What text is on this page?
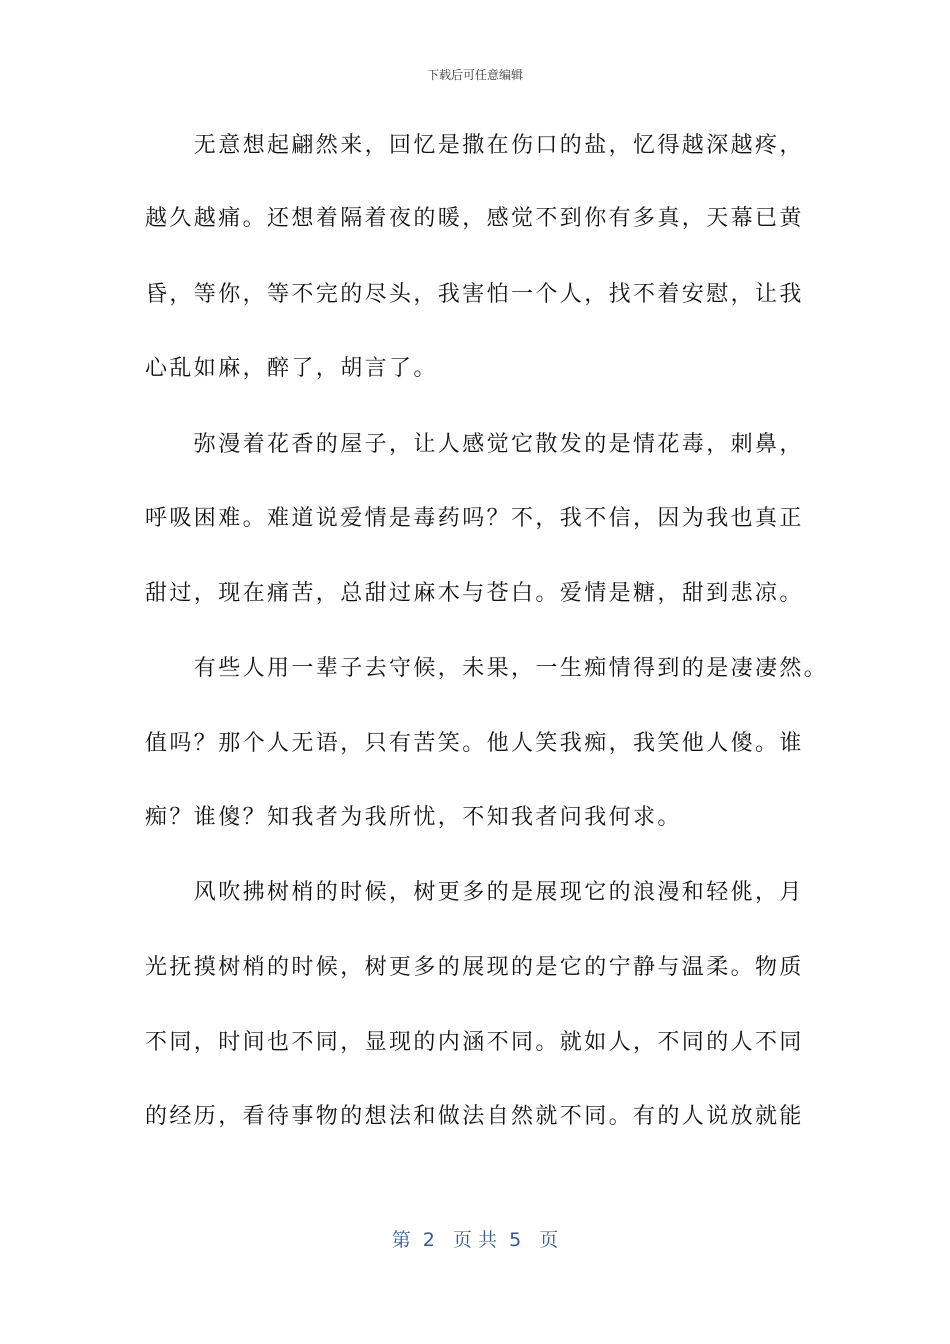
下载后可任意编辑
　　无意想起翩然来，回忆是撒在伤口的盐，忆得越深越疼，
越久越痛。还想着隔着夜的暖，感觉不到你有多真，天幕已黄
昏，等你，等不完的尽头，我害怕一个人，找不着安慰，让我
心乱如麻，醉了，胡言了。
　　弥漫着花香的屋子，让人感觉它散发的是情花毒，刺鼻，
呼吸困难。难道说爱情是毒药吗？不，我不信，因为我也真正
甜过，现在痛苦，总甜过麻木与苍白。爱情是糖，甜到悲凉。
　　有些人用一辈子去守候，未果，一生痴情得到的是凄凄然。
值吗？那个人无语，只有苦笑。他人笑我痴，我笑他人傻。谁
痴？谁傻？知我者为我所忧，不知我者问我何求。
　　风吹拂树梢的时候，树更多的是展现它的浪漫和轻佻，月
光抚摸树梢的时候，树更多的展现的是它的宁静与温柔。物质
不同，时间也不同，显现的内涵不同。就如人，不同的人不同
的经历，看待事物的想法和做法自然就不同。有的人说放就能
第  2   页 共  5   页
